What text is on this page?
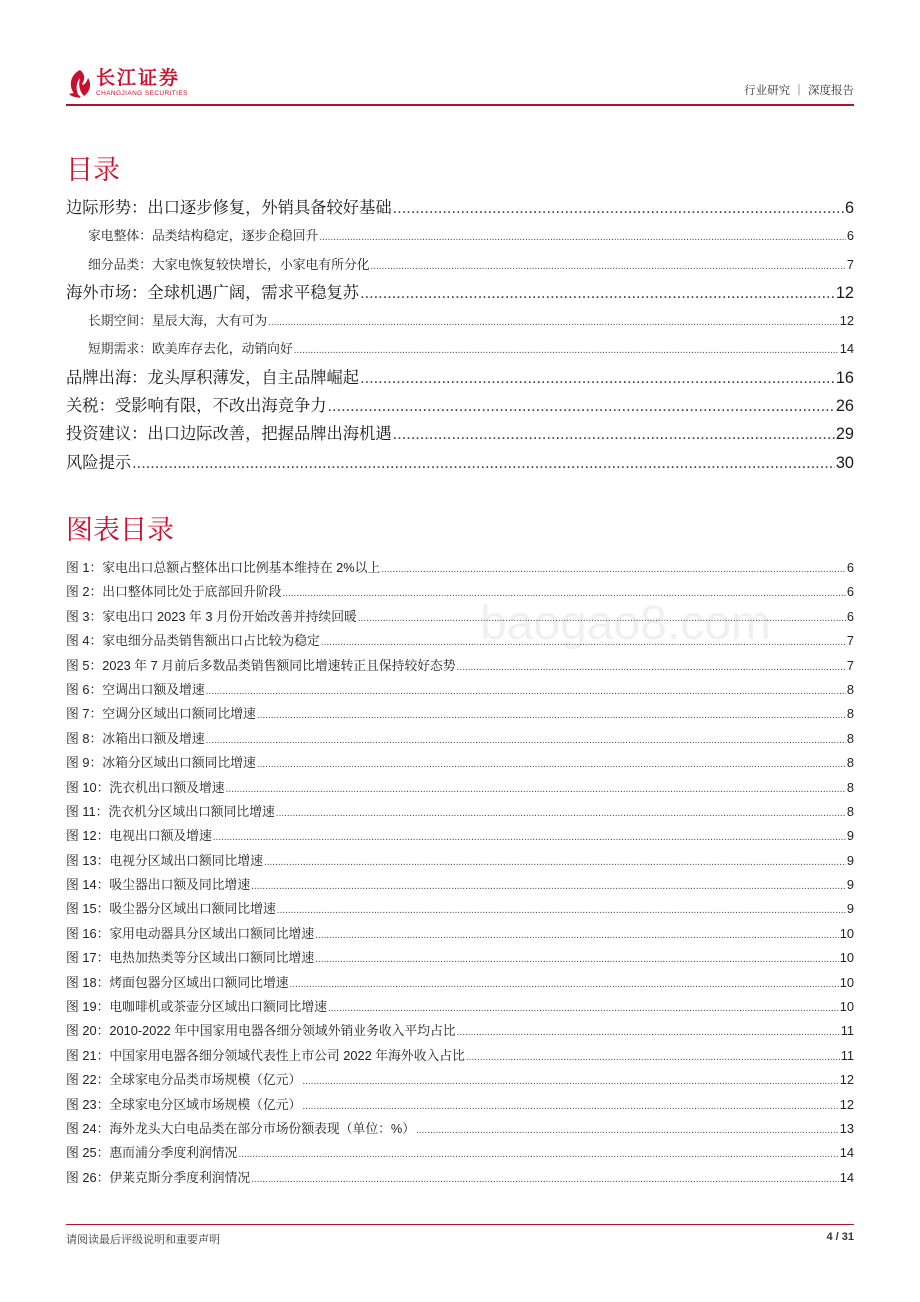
长江证券
CHANGJIANG SECURITIES	行业研究 ｜ 深度报告
目录
边际形势：出口逐步修复，外销具备较好基础 .....	6
家电整体：品类结构稳定，逐步企稳回升 .....	6
细分品类：大家电恢复较快增长，小家电有所分化 .....	7
海外市场：全球机遇广阔，需求平稳复苏 .....	12
长期空间：星辰大海，大有可为 .....	12
短期需求：欧美库存去化，动销向好 .....	14
品牌出海：龙头厚积薄发，自主品牌崛起 .....	16
关税：受影响有限，不改出海竞争力 .....	26
投资建议：出口边际改善，把握品牌出海机遇 .....	29
风险提示 .....	30
图表目录
图 1：家电出口总额占整体出口比例基本维持在 2%以上 .....	6
图 2：出口整体同比处于底部回升阶段 .....	6
图 3：家电出口 2023 年 3 月份开始改善并持续回暖 .....	6
图 4：家电细分品类销售额出口占比较为稳定 .....	7
图 5：2023 年 7 月前后多数品类销售额同比增速转正且保持较好态势 .....	7
图 6：空调出口额及增速 .....	8
图 7：空调分区域出口额同比增速 .....	8
图 8：冰箱出口额及增速 .....	8
图 9：冰箱分区域出口额同比增速 .....	8
图 10：洗衣机出口额及增速 .....	8
图 11：洗衣机分区域出口额同比增速 .....	8
图 12：电视出口额及增速 .....	9
图 13：电视分区域出口额同比增速 .....	9
图 14：吸尘器出口额及同比增速 .....	9
图 15：吸尘器分区域出口额同比增速 .....	9
图 16：家用电动器具分区域出口额同比增速 .....	10
图 17：电热加热类等分区域出口额同比增速 .....	10
图 18：烤面包器分区域出口额同比增速 .....	10
图 19：电咖啡机或茶壶分区域出口额同比增速 .....	10
图 20：2010-2022 年中国家用电器各细分领域外销业务收入平均占比 .....	11
图 21：中国家用电器各细分领域代表性上市公司 2022 年海外收入占比 .....	11
图 22：全球家电分品类市场规模（亿元） .....	12
图 23：全球家电分区域市场规模（亿元） .....	12
图 24：海外龙头大白电品类在部分市场份额表现（单位：%） .....	13
图 25：惠而浦分季度利润情况 .....	14
图 26：伊莱克斯分季度利润情况 .....	14
baogao8.com
请阅读最后评级说明和重要声明	4 / 31
